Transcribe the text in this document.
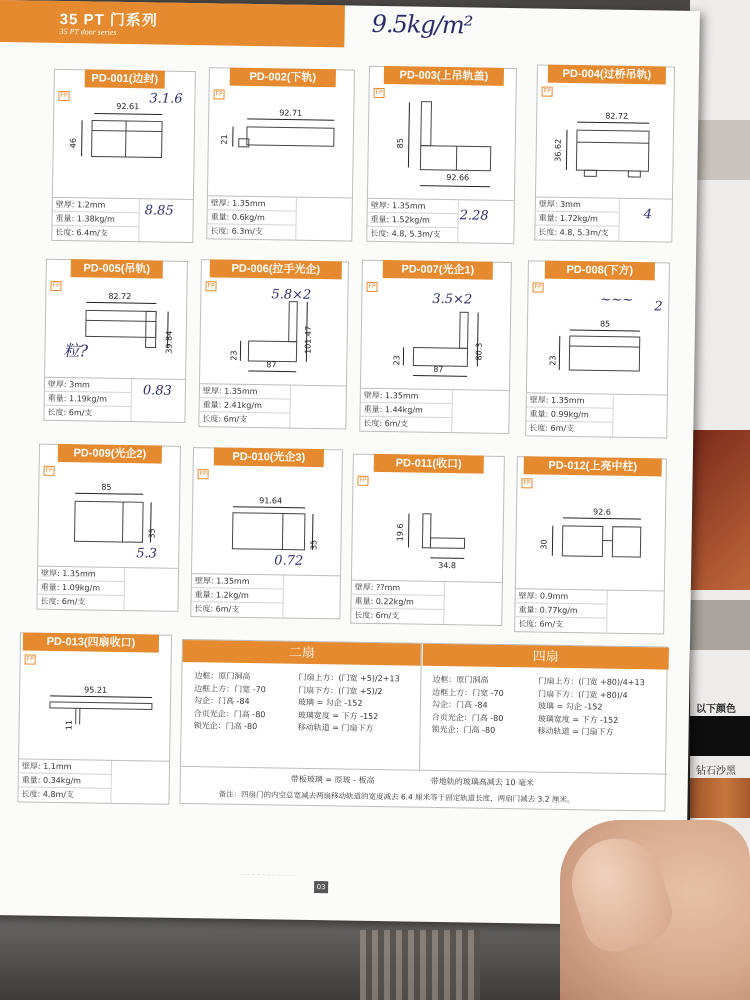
以下颜色
钻石沙黑
35 PT 门系列
35 PT door series	9.5kg/m²
PD-001(边封)
FP
92.61
46
3.1.6
8.85
壁厚: 1.2mm
重量: 1.38kg/m
长度: 6.4m/支
PD-002(下轨)
FP
92.71
21
壁厚: 1.35mm
重量: 0.6kg/m
长度: 6.3m/支
PD-003(上吊轨盖)
FP
85
92.66
2.28
壁厚: 1.35mm
重量: 1.52kg/m
长度: 4.8, 5.3m/支
PD-004(过桥吊轨)
FP
82.72
36.62
4
壁厚: 3mm
重量: 1.72kg/m
长度: 4.8, 5.3m/支
PD-005(吊轨)
FP
82.72
39.84
粒?
0.83
壁厚: 3mm
重量: 1.19kg/m
长度: 6m/支
PD-006(拉手光企)
FP
101.47
23
87
5.8×2
壁厚: 1.35mm
重量: 2.41kg/m
长度: 6m/支
PD-007(光企1)
FP
80.3
23
87
3.5×2
壁厚: 1.35mm
重量: 1.44kg/m
长度: 6m/支
PD-008(下方)
FP
85
23
~~~ 2
壁厚: 1.35mm
重量: 0.99kg/m
长度: 6m/支
PD-009(光企2)
FP
85
35
5.3
壁厚: 1.35mm
重量: 1.09kg/m
长度: 6m/支
PD-010(光企3)
FP
91.64
35
0.72
壁厚: 1.35mm
重量: 1.2kg/m
长度: 6m/支
PD-011(收口)
FP
19.6
34.8
壁厚: ??mm
重量: 0.22kg/m
长度: 6m/支
PD-012(上亮中柱)
FP
92.6
30
壁厚: 0.9mm
重量: 0.77kg/m
长度: 6m/支
PD-013(四扇收口)
FP
95.21
11
壁厚: 1.1mm
重量: 0.34kg/m
长度: 4.8m/支
二扇	四扇
边框：原门洞高
边框上方：门宽 -70
勾企：门高 -84
合页光企：门高 -80
锁光企：门高 -80
门扇上方：(门宽 +5)/2+13
门扇下方：(门宽 +5)/2
玻璃 = 勾企 -152
玻璃宽度 = 下方 -152
移动轨道 = 门扇下方
边框：原门洞高
边框上方：门宽 -70
勾企：门高 -84
合页光企：门高 -80
锁光企：门高 -80
门扇上方：(门宽 +80)/4+13
门扇下方：(门宽 +80)/4
玻璃 = 勾企 -152
玻璃宽度 = 下方 -152
移动轨道 = 门扇下方
带板玻璃 = 原玻 - 板高	带地轨的玻璃高减去 10 毫米
备注：四扇门的内空总宽减去两扇移动轨道的宽度减去 6.4 厘米等于固定轨道长度，两扇门减去 3.2 厘米。
··· ··· ··· ··· ··· ··· ··· ··· ··· ··· ···
03
